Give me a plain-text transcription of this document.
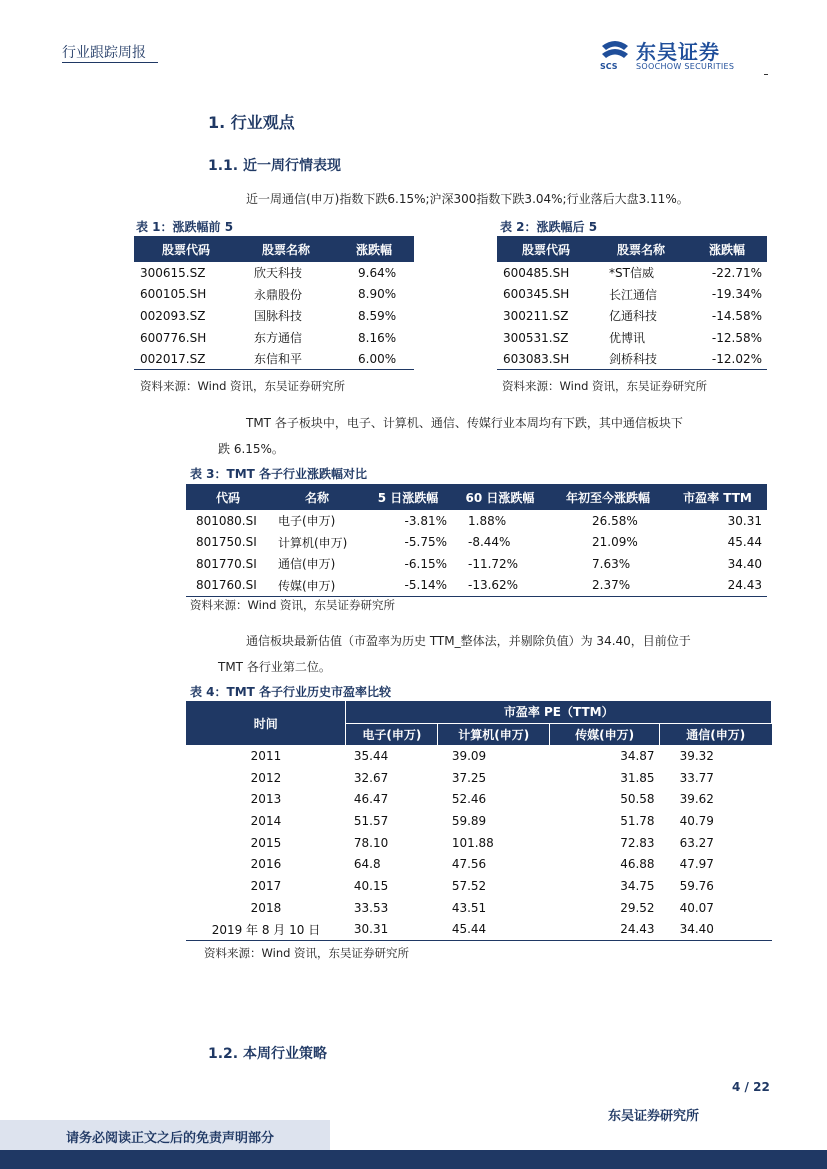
行业跟踪周报
SCS
东吴证券
SOOCHOW SECURITIES
1. 行业观点
1.1. 近一周行情表现
近一周通信(申万)指数下跌6.15%;沪深300指数下跌3.04%;行业落后大盘3.11%。
表 1：涨跌幅前 5
股票代码	股票名称	涨跌幅
300615.SZ	欣天科技	9.64%
600105.SH	永鼎股份	8.90%
002093.SZ	国脉科技	8.59%
600776.SH	东方通信	8.16%
002017.SZ	东信和平	6.00%
资料来源：Wind 资讯，东吴证券研究所
表 2：涨跌幅后 5
股票代码	股票名称	涨跌幅
600485.SH	*ST信威	-22.71%
600345.SH	长江通信	-19.34%
300211.SZ	亿通科技	-14.58%
300531.SZ	优博讯	-12.58%
603083.SH	剑桥科技	-12.02%
资料来源：Wind 资讯，东吴证券研究所
TMT 各子板块中，电子、计算机、通信、传媒行业本周均有下跌，其中通信板块下
跌 6.15%。
表 3：TMT 各子行业涨跌幅对比
代码	名称	5 日涨跌幅	60 日涨跌幅	年初至今涨跌幅	市盈率 TTM
801080.SI	电子(申万)	-3.81%	1.88%	26.58%	30.31
801750.SI	计算机(申万)	-5.75%	-8.44%	21.09%	45.44
801770.SI	通信(申万)	-6.15%	-11.72%	7.63%	34.40
801760.SI	传媒(申万)	-5.14%	-13.62%	2.37%	24.43
资料来源：Wind 资讯，东吴证券研究所
通信板块最新估值（市盈率为历史 TTM_整体法，并剔除负值）为 34.40，目前位于
TMT 各行业第二位。
表 4：TMT 各子行业历史市盈率比较
时间	市盈率 PE（TTM）			
	电子(申万)	计算机(申万)	传媒(申万)	通信(申万)
2011	35.44	39.09	34.87	39.32
2012	32.67	37.25	31.85	33.77
2013	46.47	52.46	50.58	39.62
2014	51.57	59.89	51.78	40.79
2015	78.10	101.88	72.83	63.27
2016	64.8	47.56	46.88	47.97
2017	40.15	57.52	34.75	59.76
2018	33.53	43.51	29.52	40.07
2019 年 8 月 10 日	30.31	45.44	24.43	34.40
资料来源：Wind 资讯，东吴证券研究所
1.2. 本周行业策略
4 / 22
东吴证券研究所
请务必阅读正文之后的免责声明部分
